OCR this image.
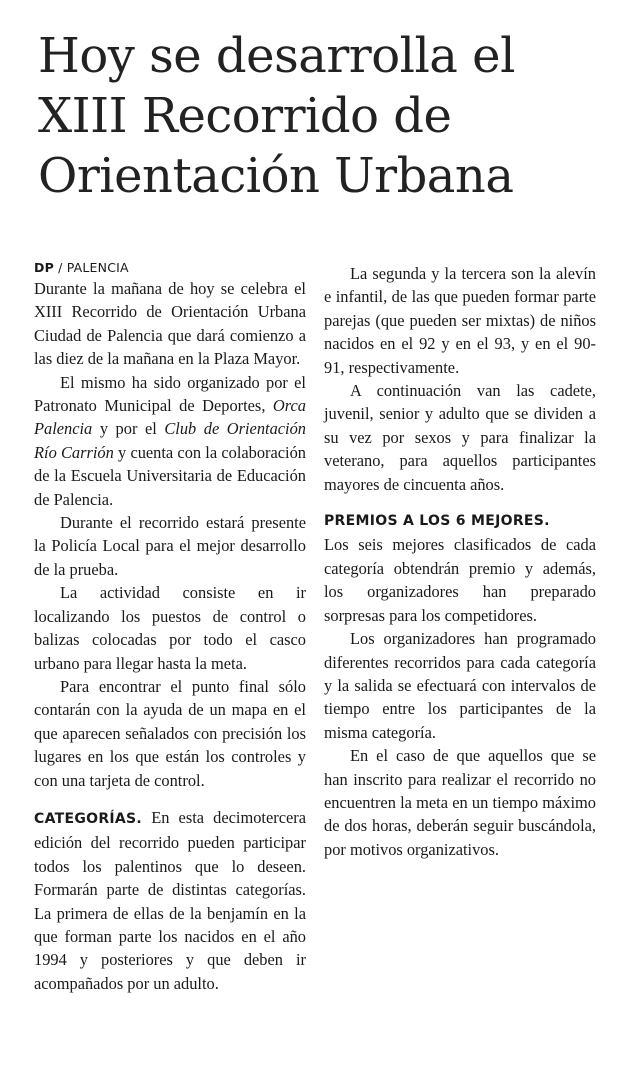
Hoy se desarrolla el
XIII Recorrido de
Orientación Urbana
DP / PALENCIA

Durante la mañana de hoy se celebra el XIII Recorrido de Orientación Urbana Ciudad de Palencia que dará comienzo a las diez de la mañana en la Plaza Mayor.

El mismo ha sido organizado por el Patronato Municipal de Deportes, Orca Palencia y por el Club de Orientación Río Carrión y cuenta con la colaboración de la Escuela Universitaria de Educación de Palencia.

Durante el recorrido estará presente la Policía Local para el mejor desarrollo de la prueba.

La actividad consiste en ir localizando los puestos de control o balizas colocadas por todo el casco urbano para llegar hasta la meta.

Para encontrar el punto final sólo contarán con la ayuda de un mapa en el que aparecen señalados con precisión los lugares en los que están los controles y con una tarjeta de control.

CATEGORÍAS. En esta decimotercera edición del recorrido pueden participar todos los palentinos que lo deseen. Formarán parte de distintas categorías. La primera de ellas de la benjamín en la que forman parte los nacidos en el año 1994 y posteriores y que deben ir acompañados por un adulto.

La segunda y la tercera son la alevín e infantil, de las que pueden formar parte parejas (que pueden ser mixtas) de niños nacidos en el 92 y en el 93, y en el 90-91, respectivamente.

A continuación van las cadete, juvenil, senior y adulto que se dividen a su vez por sexos y para finalizar la veterano, para aquellos participantes mayores de cincuenta años.

PREMIOS A LOS 6 MEJORES.

Los seis mejores clasificados de cada categoría obtendrán premio y además, los organizadores han preparado sorpresas para los competidores.

Los organizadores han programado diferentes recorridos para cada categoría y la salida se efectuará con intervalos de tiempo entre los participantes de la misma categoría.

En el caso de que aquellos que se han inscrito para realizar el recorrido no encuentren la meta en un tiempo máximo de dos horas, deberán seguir buscándola, por motivos organizativos.
